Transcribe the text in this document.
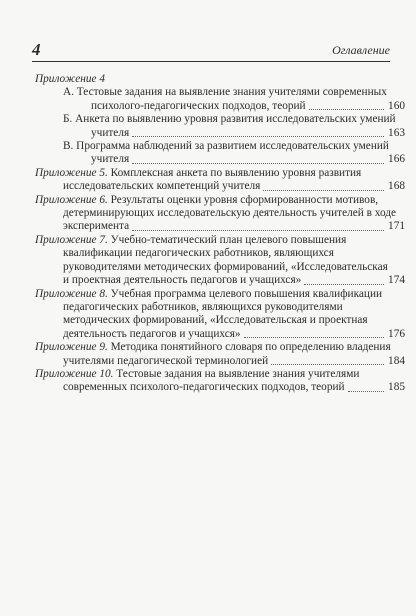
4	Оглавление
Приложение 4
А. Тестовые задания на выявление знания учителями современных
психолого-педагогических подходов, теорий	160
Б. Анкета по выявлению уровня развития исследовательских умений
учителя	163
В. Программа наблюдений за развитием исследовательских умений
учителя	166
Приложение 5. Комплексная анкета по выявлению уровня развития
исследовательских компетенций учителя	168
Приложение 6. Результаты оценки уровня сформированности мотивов,
детерминирующих исследовательскую деятельность учителей в ходе
эксперимента	171
Приложение 7. Учебно-тематический план целевого повышения
квалификации педагогических работников, являющихся
руководителями методических формирований, «Исследовательская
и проектная деятельность педагогов и учащихся»	174
Приложение 8. Учебная программа целевого повышения квалификации
педагогических работников, являющихся руководителями
методических формирований, «Исследовательская и проектная
деятельность педагогов и учащихся»	176
Приложение 9. Методика понятийного словаря по определению владения
учителями педагогической терминологией	184
Приложение 10. Тестовые задания на выявление знания учителями
современных психолого-педагогических подходов, теорий	185
